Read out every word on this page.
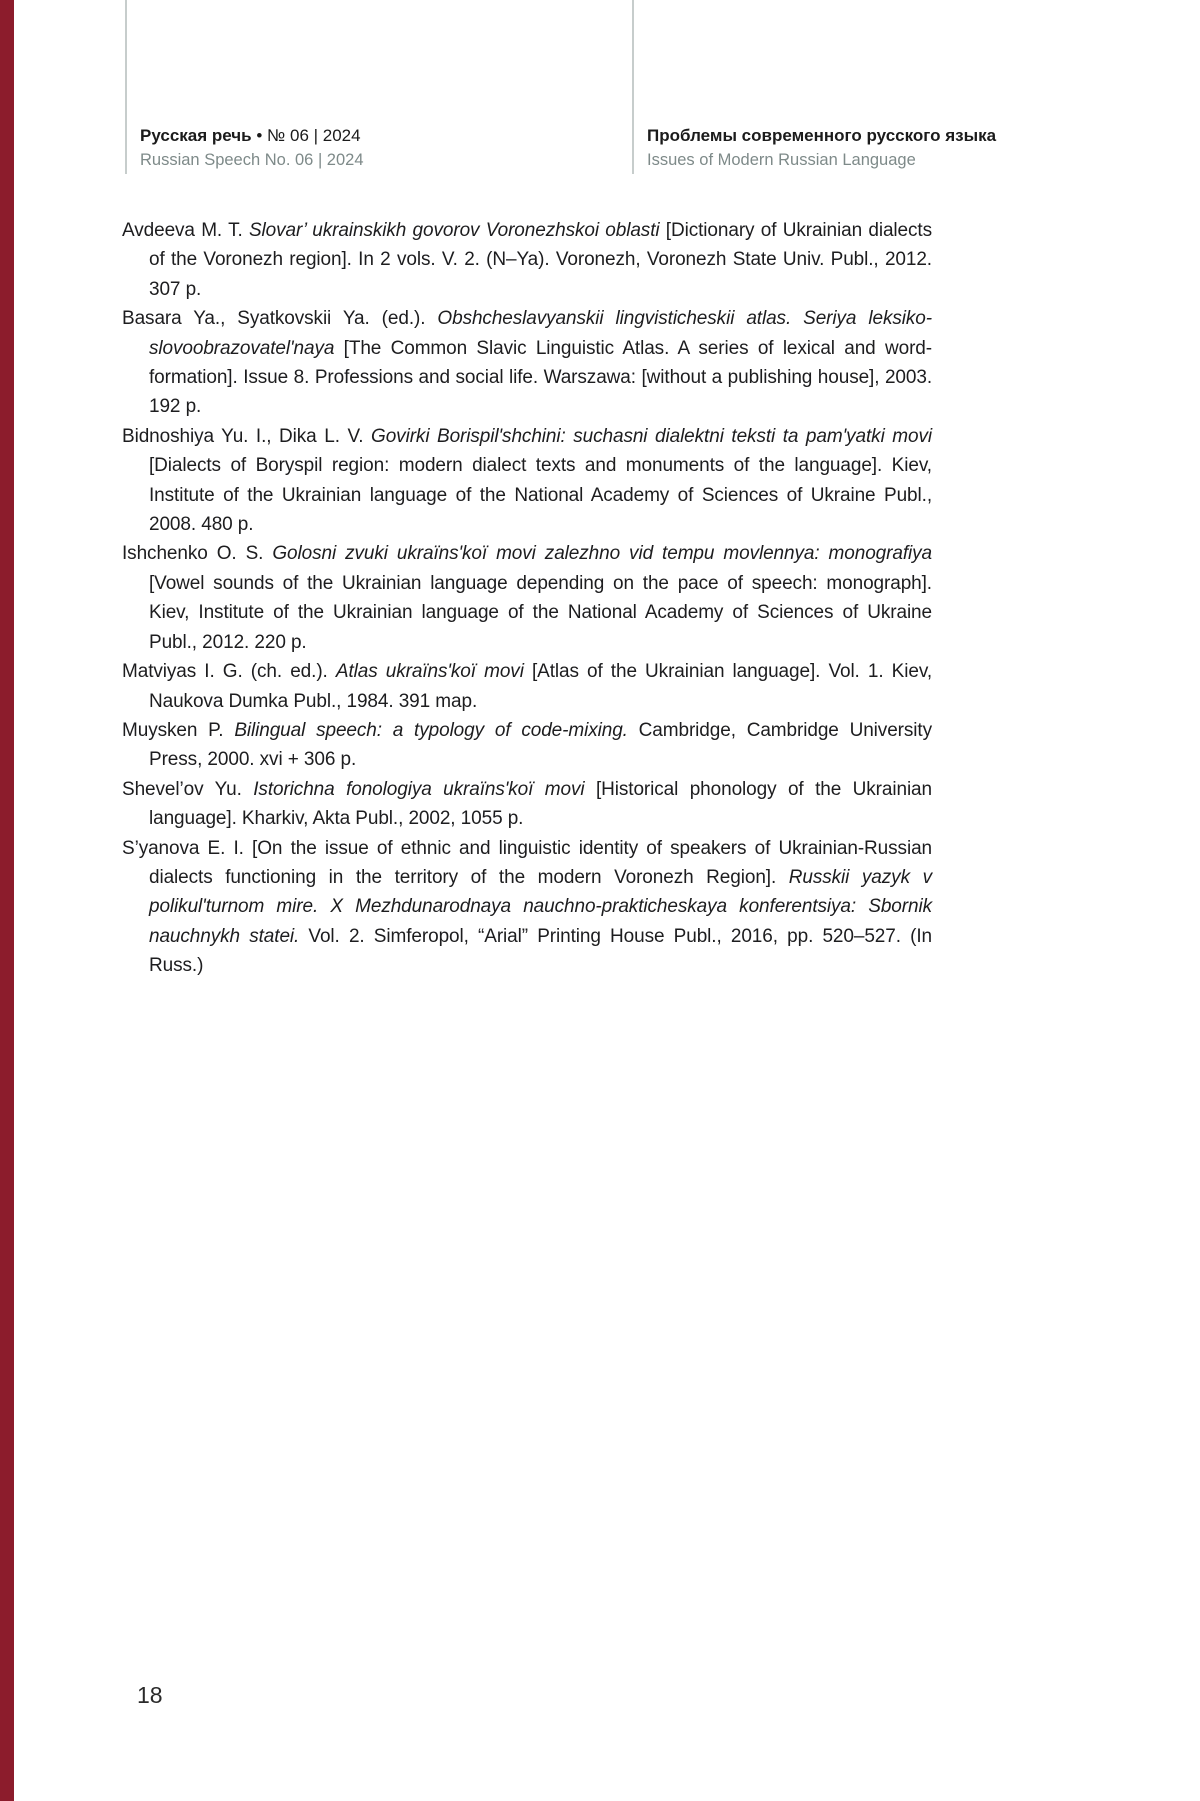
Русская речь • № 06 | 2024
Russian Speech No. 06 | 2024
Проблемы современного русского языка
Issues of Modern Russian Language

Avdeeva M. T. Slovar’ ukrainskikh govorov Voronezhskoi oblasti [Dictionary of Ukrainian dialects of the Voronezh region]. In 2 vols. V. 2. (N–Ya). Voronezh, Voronezh State Univ. Publ., 2012. 307 p.

Basara Ya., Syatkovskii Ya. (ed.). Obshcheslavyanskii lingvisticheskii atlas. Seriya leksiko-slovoobrazovatel'naya [The Common Slavic Linguistic Atlas. A series of lexical and word-formation]. Issue 8. Professions and social life. Warszawa: [without a publishing house], 2003. 192 p.

Bidnoshiya Yu. I., Dika L. V. Govirki Borispil'shchini: suchasni dialektni teksti ta pam'yatki movi [Dialects of Boryspil region: modern dialect texts and monuments of the language]. Kiev, Institute of the Ukrainian language of the National Academy of Sciences of Ukraine Publ., 2008. 480 p.

Ishchenko O. S. Golosni zvuki ukraïns'koï movi zalezhno vid tempu movlennya: monografiya [Vowel sounds of the Ukrainian language depending on the pace of speech: monograph]. Kiev, Institute of the Ukrainian language of the National Academy of Sciences of Ukraine Publ., 2012. 220 p.

Matviyas I. G. (ch. ed.). Atlas ukraïns'koï movi [Atlas of the Ukrainian language]. Vol. 1. Kiev, Naukova Dumka Publ., 1984. 391 map.

Muysken P. Bilingual speech: a typology of code-mixing. Cambridge, Cambridge University Press, 2000. xvi + 306 p.

Shevel’ov Yu. Istorichna fonologiya ukraïns'koï movi [Historical phonology of the Ukrainian language]. Kharkiv, Akta Publ., 2002, 1055 p.

S’yanova E. I. [On the issue of ethnic and linguistic identity of speakers of Ukrainian-Russian dialects functioning in the territory of the modern Voronezh Region]. Russkii yazyk v polikul'turnom mire. X Mezhdunarodnaya nauchno-prakticheskaya konferentsiya: Sbornik nauchnykh statei. Vol. 2. Simferopol, “Arial” Printing House Publ., 2016, pp. 520–527. (In Russ.)

18
